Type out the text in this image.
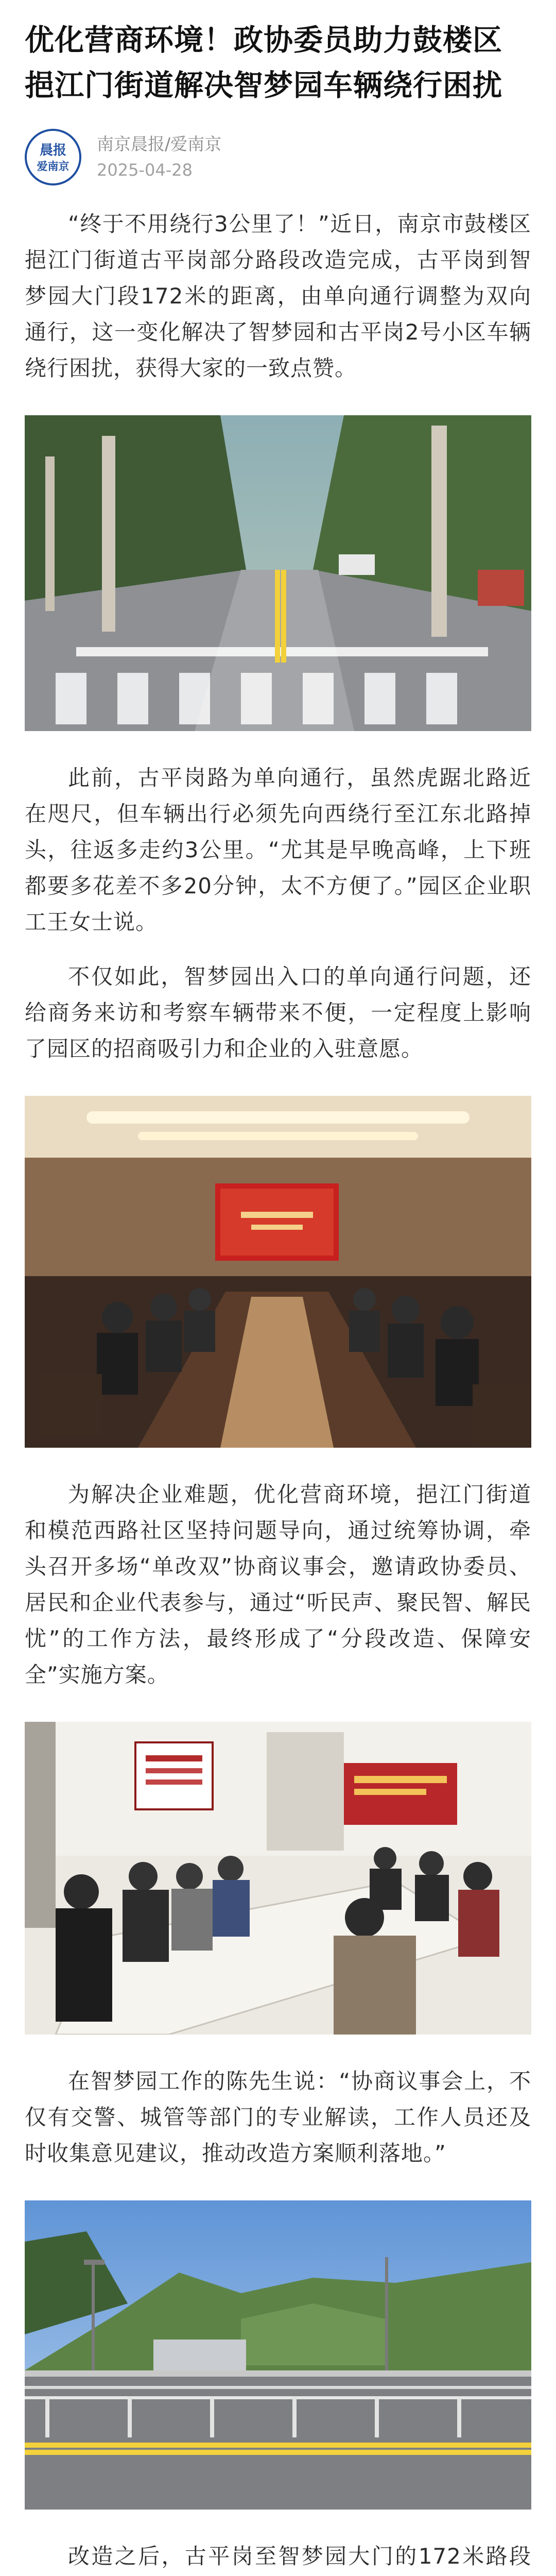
优化营商环境！政协委员助力鼓楼区挹江门街道解决智梦园车辆绕行困扰
晨报
爱南京
南京晨报/爱南京
2025-04-28

“终于不用绕行3公里了！”近日，南京市鼓楼区挹江门街道古平岗部分路段改造完成，古平岗到智梦园大门段172米的距离，由单向通行调整为双向通行，这一变化解决了智梦园和古平岗2号小区车辆绕行困扰，获得大家的一致点赞。

此前，古平岗路为单向通行，虽然虎踞北路近在咫尺，但车辆出行必须先向西绕行至江东北路掉头，往返多走约3公里。“尤其是早晚高峰，上下班都要多花差不多20分钟，太不方便了。”园区企业职工王女士说。

不仅如此，智梦园出入口的单向通行问题，还给商务来访和考察车辆带来不便，一定程度上影响了园区的招商吸引力和企业的入驻意愿。

为解决企业难题，优化营商环境，挹江门街道和模范西路社区坚持问题导向，通过统筹协调，牵头召开多场“单改双”协商议事会，邀请政协委员、居民和企业代表参与，通过“听民声、聚民智、解民忧”的工作方法，最终形成了“分段改造、保障安全”实施方案。

在智梦园工作的陈先生说：“协商议事会上，不仅有交警、城管等部门的专业解读，工作人员还及时收集意见建议，推动改造方案顺利落地。”

改造之后，古平岗至智梦园大门的172米路段
